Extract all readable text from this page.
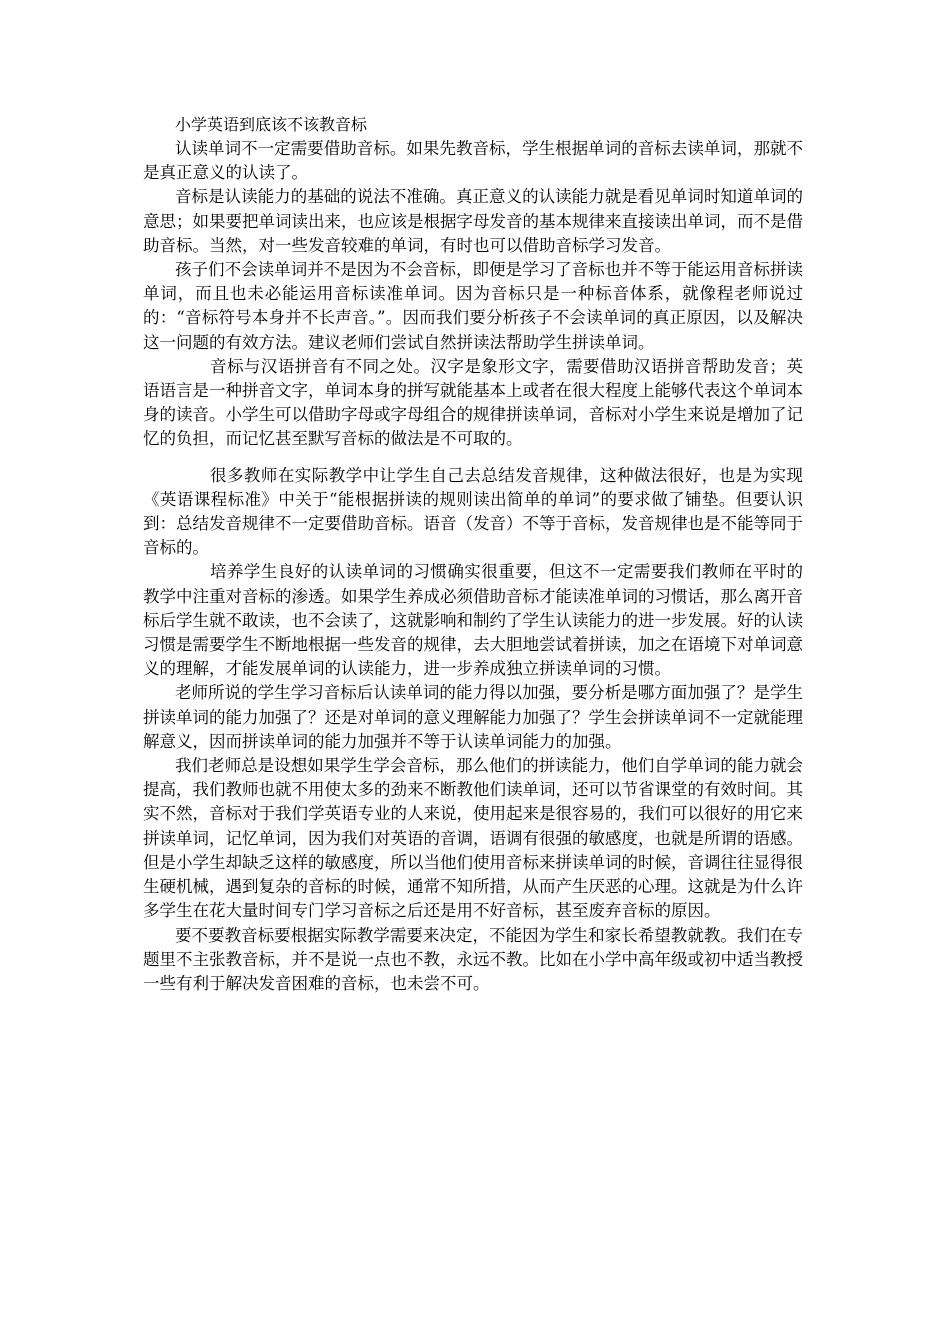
小学英语到底该不该教音标

认读单词不一定需要借助音标。如果先教音标，学生根据单词的音标去读单词，那就不是真正意义的认读了。

音标是认读能力的基础的说法不准确。真正意义的认读能力就是看见单词时知道单词的意思；如果要把单词读出来，也应该是根据字母发音的基本规律来直接读出单词，而不是借助音标。当然，对一些发音较难的单词，有时也可以借助音标学习发音。

孩子们不会读单词并不是因为不会音标，即便是学习了音标也并不等于能运用音标拼读单词，而且也未必能运用音标读准单词。因为音标只是一种标音体系，就像程老师说过的：“音标符号本身并不长声音。”。因而我们要分析孩子不会读单词的真正原因，以及解决这一问题的有效方法。建议老师们尝试自然拼读法帮助学生拼读单词。

音标与汉语拼音有不同之处。汉字是象形文字，需要借助汉语拼音帮助发音；英语语言是一种拼音文字，单词本身的拼写就能基本上或者在很大程度上能够代表这个单词本身的读音。小学生可以借助字母或字母组合的规律拼读单词，音标对小学生来说是增加了记忆的负担，而记忆甚至默写音标的做法是不可取的。

很多教师在实际教学中让学生自己去总结发音规律，这种做法很好，也是为实现《英语课程标准》中关于“能根据拼读的规则读出简单的单词”的要求做了铺垫。但要认识到：总结发音规律不一定要借助音标。语音（发音）不等于音标，发音规律也是不能等同于音标的。

培养学生良好的认读单词的习惯确实很重要，但这不一定需要我们教师在平时的教学中注重对音标的渗透。如果学生养成必须借助音标才能读准单词的习惯话，那么离开音标后学生就不敢读，也不会读了，这就影响和制约了学生认读能力的进一步发展。好的认读习惯是需要学生不断地根据一些发音的规律，去大胆地尝试着拼读，加之在语境下对单词意义的理解，才能发展单词的认读能力，进一步养成独立拼读单词的习惯。

老师所说的学生学习音标后认读单词的能力得以加强，要分析是哪方面加强了？是学生拼读单词的能力加强了？还是对单词的意义理解能力加强了？学生会拼读单词不一定就能理解意义，因而拼读单词的能力加强并不等于认读单词能力的加强。

我们老师总是设想如果学生学会音标，那么他们的拼读能力，他们自学单词的能力就会提高，我们教师也就不用使太多的劲来不断教他们读单词，还可以节省课堂的有效时间。其实不然，音标对于我们学英语专业的人来说，使用起来是很容易的，我们可以很好的用它来拼读单词，记忆单词，因为我们对英语的音调，语调有很强的敏感度，也就是所谓的语感。但是小学生却缺乏这样的敏感度，所以当他们使用音标来拼读单词的时候，音调往往显得很生硬机械，遇到复杂的音标的时候，通常不知所措，从而产生厌恶的心理。这就是为什么许多学生在花大量时间专门学习音标之后还是用不好音标，甚至废弃音标的原因。

要不要教音标要根据实际教学需要来决定，不能因为学生和家长希望教就教。我们在专题里不主张教音标，并不是说一点也不教，永远不教。比如在小学中高年级或初中适当教授一些有利于解决发音困难的音标，也未尝不可。
